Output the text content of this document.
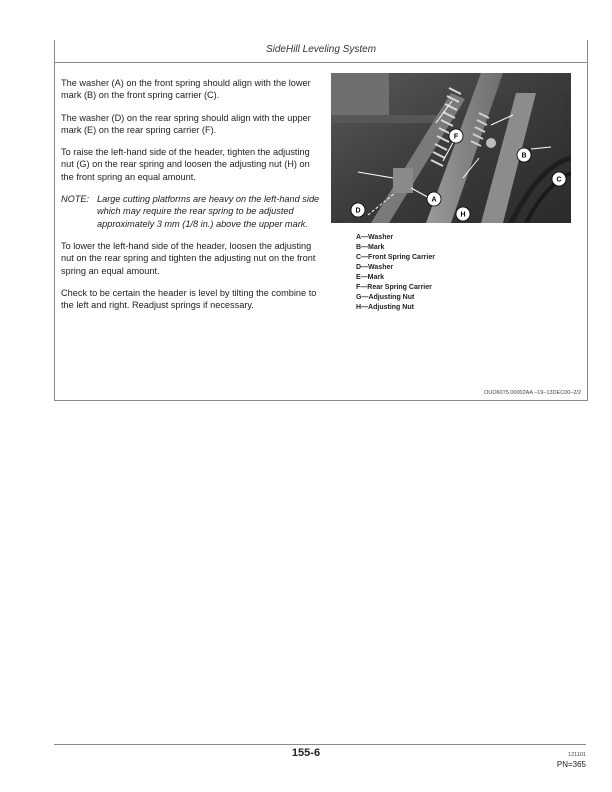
SideHill Leveling System

The washer (A) on the front spring should align with the lower mark (B) on the front spring carrier (C).

The washer (D) on the rear spring should align with the upper mark (E) on the rear spring carrier (F).

To raise the left-hand side of the header, tighten the adjusting nut (G) on the rear spring and loosen the adjusting nut (H) on the front spring an equal amount.

NOTE: Large cutting platforms are heavy on the left-hand side which may require the rear spring to be adjusted approximately 3 mm (1/8 in.) above the upper mark.

To lower the left-hand side of the header, loosen the adjusting nut on the rear spring and tighten the adjusting nut on the front spring an equal amount.

Check to be certain the header is level by tilting the combine to the left and right. Readjust springs if necessary.

A
B
C
D
F
H
H61517 –UN–20OCT99
A—Washer
B—Mark
C—Front Spring Carrier
D—Washer
E—Mark
F—Rear Spring Carrier
G—Adjusting Nut
H—Adjusting Nut
OUO6075,00002AA –19–13DEC00–2/2
155-6	121101
PN=365
